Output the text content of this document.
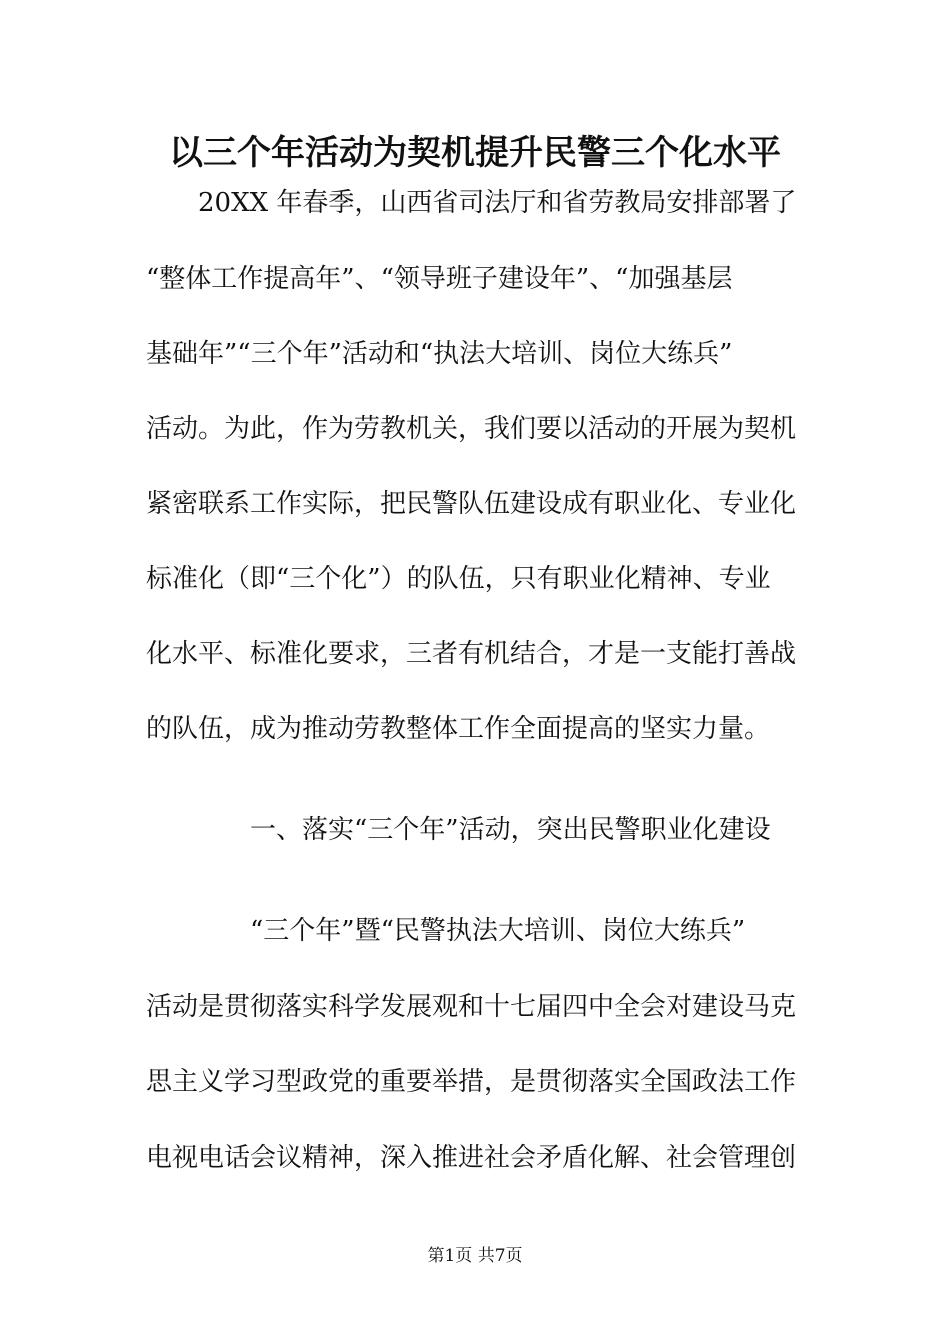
以三个年活动为契机提升民警三个化水平
　　20XX 年春季，山西省司法厅和省劳教局安排部署了
“整体工作提高年”、“领导班子建设年”、“加强基层
基础年”“三个年”活动和“执法大培训、岗位大练兵”
活动。为此，作为劳教机关，我们要以活动的开展为契机
紧密联系工作实际，把民警队伍建设成有职业化、专业化
标准化（即“三个化”）的队伍，只有职业化精神、专业
化水平、标准化要求，三者有机结合，才是一支能打善战
的队伍，成为推动劳教整体工作全面提高的坚实力量。
　　　　一、落实“三个年”活动，突出民警职业化建设
　　　　“三个年”暨“民警执法大培训、岗位大练兵”
活动是贯彻落实科学发展观和十七届四中全会对建设马克
思主义学习型政党的重要举措，是贯彻落实全国政法工作
电视电话会议精神，深入推进社会矛盾化解、社会管理创
第1页 共7页
